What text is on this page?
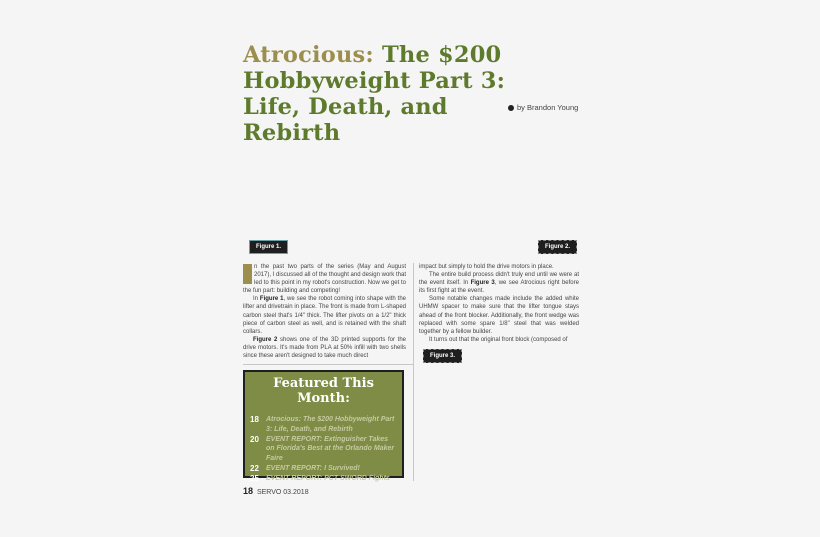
Atrocious: The $200 Hobbyweight Part 3: Life, Death, and Rebirth
by Brandon Young
Figure 1.	Figure 2.
Figure 3.

n the past two parts of the series (May and August 2017), I discussed all of the thought and design work that led to this point in my robot's construction. Now we get to the fun part: building and competing!

In Figure 1, we see the robot coming into shape with the lifter and drivetrain in place. The front is made from L-shaped carbon steel that's 1/4" thick. The lifter pivots on a 1/2" thick piece of carbon steel as well, and is retained with the shaft collars.

Figure 2 shows one of the 3D printed supports for the drive motors. It's made from PLA at 50% infill with two shells since these aren't designed to take much direct

impact but simply to hold the drive motors in place.

The entire build process didn't truly end until we were at the event itself. In Figure 3, we see Atrocious right before its first fight at the event.

Some notable changes made include the added white UHMW spacer to make sure that the lifter tongue stays ahead of the front blocker. Additionally, the front wedge was replaced with some spare 1/8" steel that was welded together by a fellow builder.

It turns out that the original front block (composed of

Featured This Month:
18	Atrocious: The $200 Hobbyweight Part 3: Life, Death, and Rebirth
20	EVENT REPORT: Extinguisher Takes on Florida's Best at the Orlando Maker Faire
22	EVENT REPORT: I Survived!
25	EVENT REPORT: PCT SWORD Fights
18 SERVO 03.2018
